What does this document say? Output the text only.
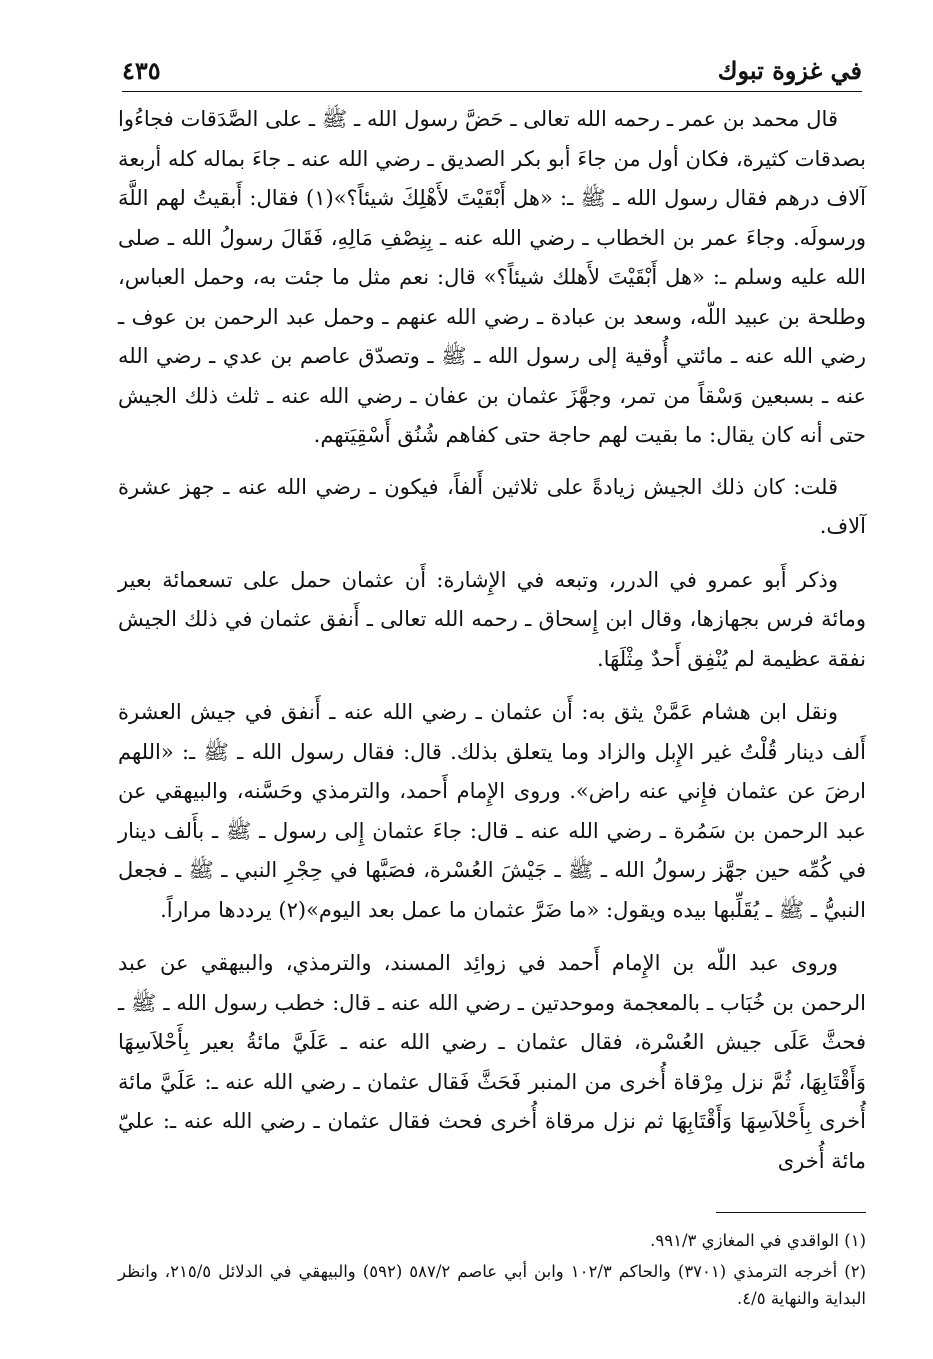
في غزوة تبوك
٤٣٥

قال محمد بن عمر ـ رحمه الله تعالى ـ حَضَّ رسول الله ـ ﷺ ـ على الصَّدَقات فجاءُوا بصدقات كثيرة، فكان أول من جاءَ أبو بكر الصديق ـ رضي الله عنه ـ جاءَ بماله كله أربعة آلاف درهم فقال رسول الله ـ ﷺ ـ: «هل أَبْقَيْتَ لأَهْلِكَ شيئاً؟»(١) فقال: أَبقيتُ لهم اللَّهَ ورسولَه. وجاءَ عمر بن الخطاب ـ رضي الله عنه ـ بِنِصْفِ مَالِهِ، فَقَالَ رسولُ الله ـ صلى الله عليه وسلم ـ: «هل أَبْقَيْتَ لأَهلك شيئاً؟» قال: نعم مثل ما جئت به، وحمل العباس، وطلحة بن عبيد اللّه، وسعد بن عبادة ـ رضي الله عنهم ـ وحمل عبد الرحمن بن عوف ـ رضي الله عنه ـ مائتي أُوقية إلى رسول الله ـ ﷺ ـ وتصدّق عاصم بن عدي ـ رضي الله عنه ـ بسبعين وَسْقاً من تمر، وجهَّزَ عثمان بن عفان ـ رضي الله عنه ـ ثلث ذلك الجيش حتى أنه كان يقال: ما بقيت لهم حاجة حتى كفاهم شُنُق أَسْقِيَتهم.

قلت: كان ذلك الجيش زيادةً على ثلاثين أَلفاً، فيكون ـ رضي الله عنه ـ جهز عشرة آلاف.

وذكر أَبو عمرو في الدرر، وتبعه في الإِشارة: أَن عثمان حمل على تسعمائة بعير ومائة فرس بجهازها، وقال ابن إِسحاق ـ رحمه الله تعالى ـ أَنفق عثمان في ذلك الجيش نفقة عظيمة لم يُنْفِق أَحدٌ مِثْلَهَا.

ونقل ابن هشام عَمَّنْ يثق به: أَن عثمان ـ رضي الله عنه ـ أَنفق في جيش العشرة أَلف دينار قُلْتُ غير الإِبل والزاد وما يتعلق بذلك. قال: فقال رسول الله ـ ﷺ ـ: «اللهم ارضَ عن عثمان فإِني عنه راض». وروى الإِمام أَحمد، والترمذي وحَسَّنه، والبيهقي عن عبد الرحمن بن سَمُرة ـ رضي الله عنه ـ قال: جاءَ عثمان إِلى رسول ـ ﷺ ـ بأَلف دينار في كُمِّه حين جهَّز رسولُ الله ـ ﷺ ـ جَيْشَ العُسْرة، فصَبَّها في حِجْرِ النبي ـ ﷺ ـ فجعل النبيُّ ـ ﷺ ـ يُقَلِّبها بيده ويقول: «ما ضَرَّ عثمان ما عمل بعد اليوم»(٢) يرددها مراراً.

وروى عبد اللّه بن الإِمام أَحمد في زوائِد المسند، والترمذي، والبيهقي عن عبد الرحمن بن خُبَاب ـ بالمعجمة وموحدتين ـ رضي الله عنه ـ قال: خطب رسول الله ـ ﷺ ـ فحثَّ عَلَى جيش العُسْرة، فقال عثمان ـ رضي الله عنه ـ عَلَيَّ مائةُ بعير بِأَحْلاَسِهَا وَأَقْتَابِهَا، ثُمَّ نزل مِرْقاة أُخرى من المنبر فَحَثَّ فَقال عثمان ـ رضي الله عنه ـ: عَلَيَّ مائة أُخرى بِأَحْلاَسِهَا وَأَقْتَابِهَا ثم نزل مرقاة أُخرى فحث فقال عثمان ـ رضي الله عنه ـ: عليّ مائة أُخرى

(١) الواقدي في المغازي ٩٩١/٣.

(٢) أخرجه الترمذي (٣٧٠١) والحاكم ١٠٢/٣ وابن أبي عاصم ٥٨٧/٢ (٥٩٢) والبيهقي في الدلائل ٢١٥/٥، وانظر البداية والنهاية ٤/٥.
